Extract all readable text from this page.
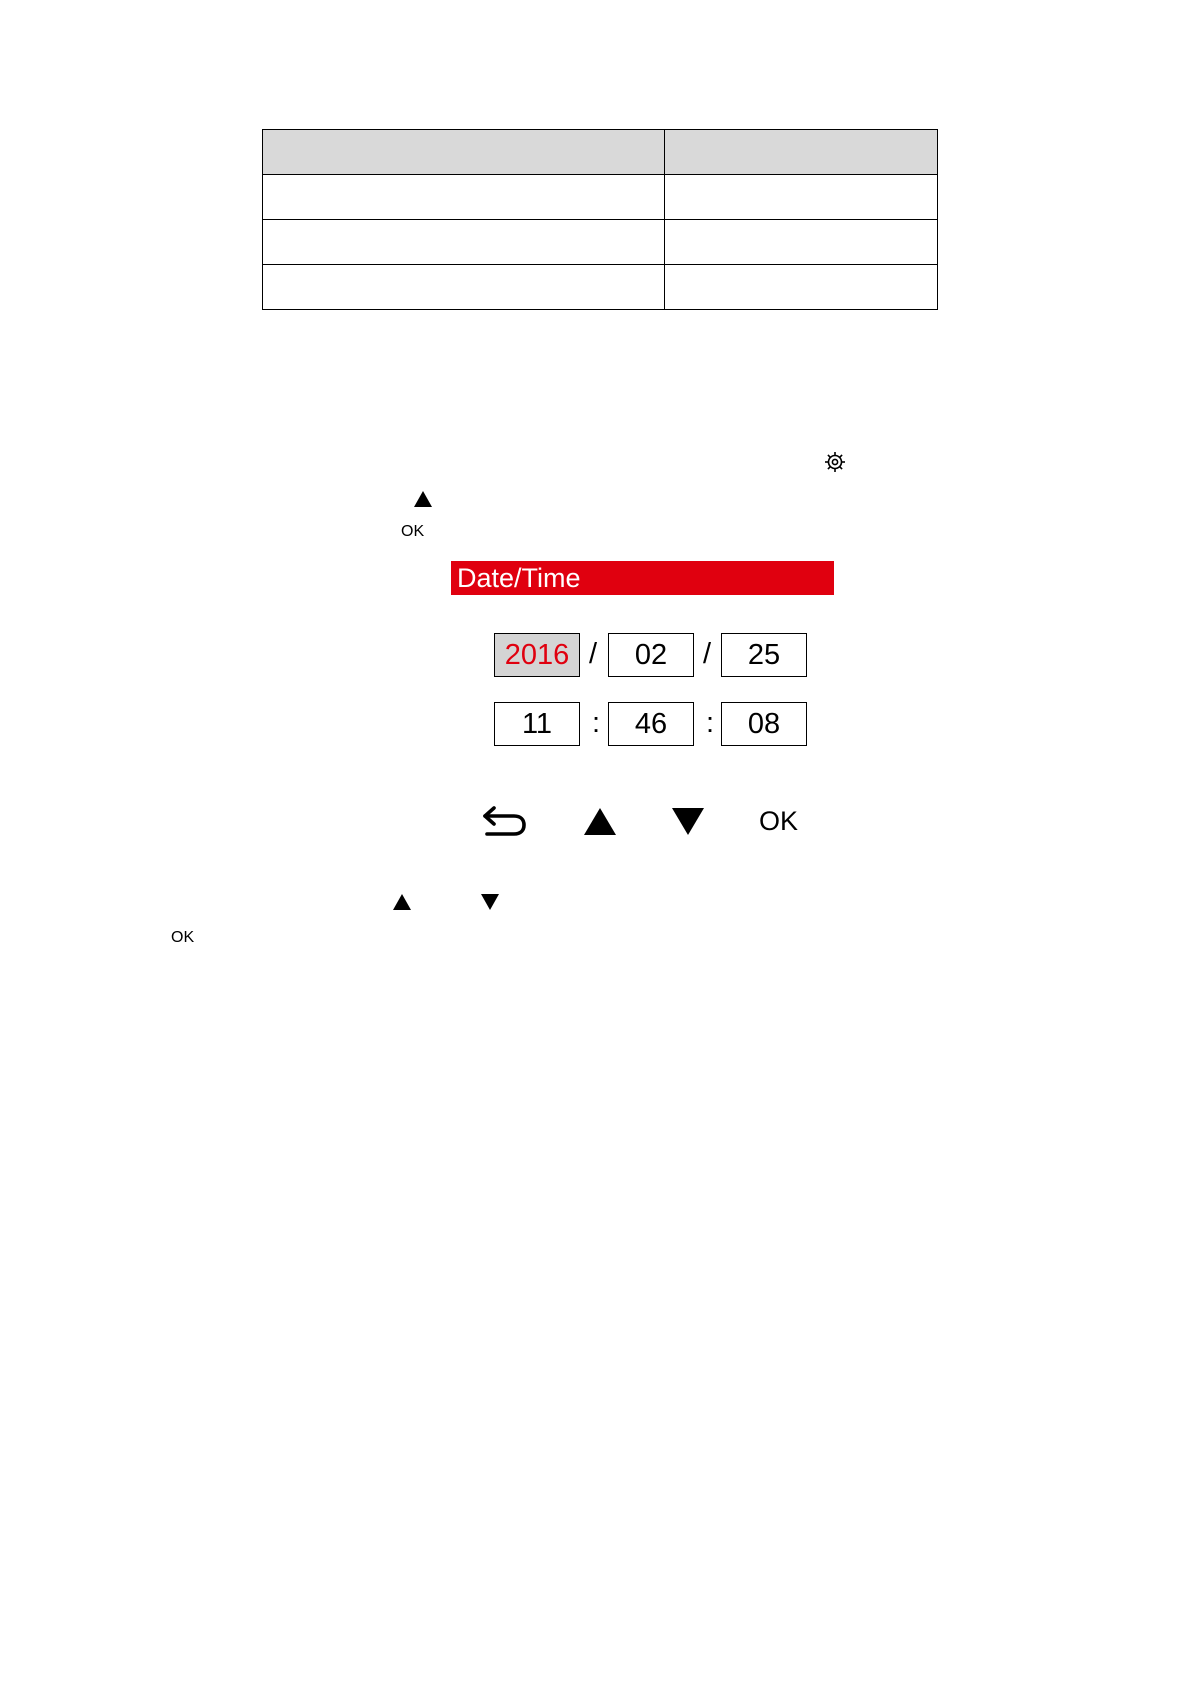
OK
Date/Time
2016 /	02	/	25
11	:	46	:	08
OK
OK
